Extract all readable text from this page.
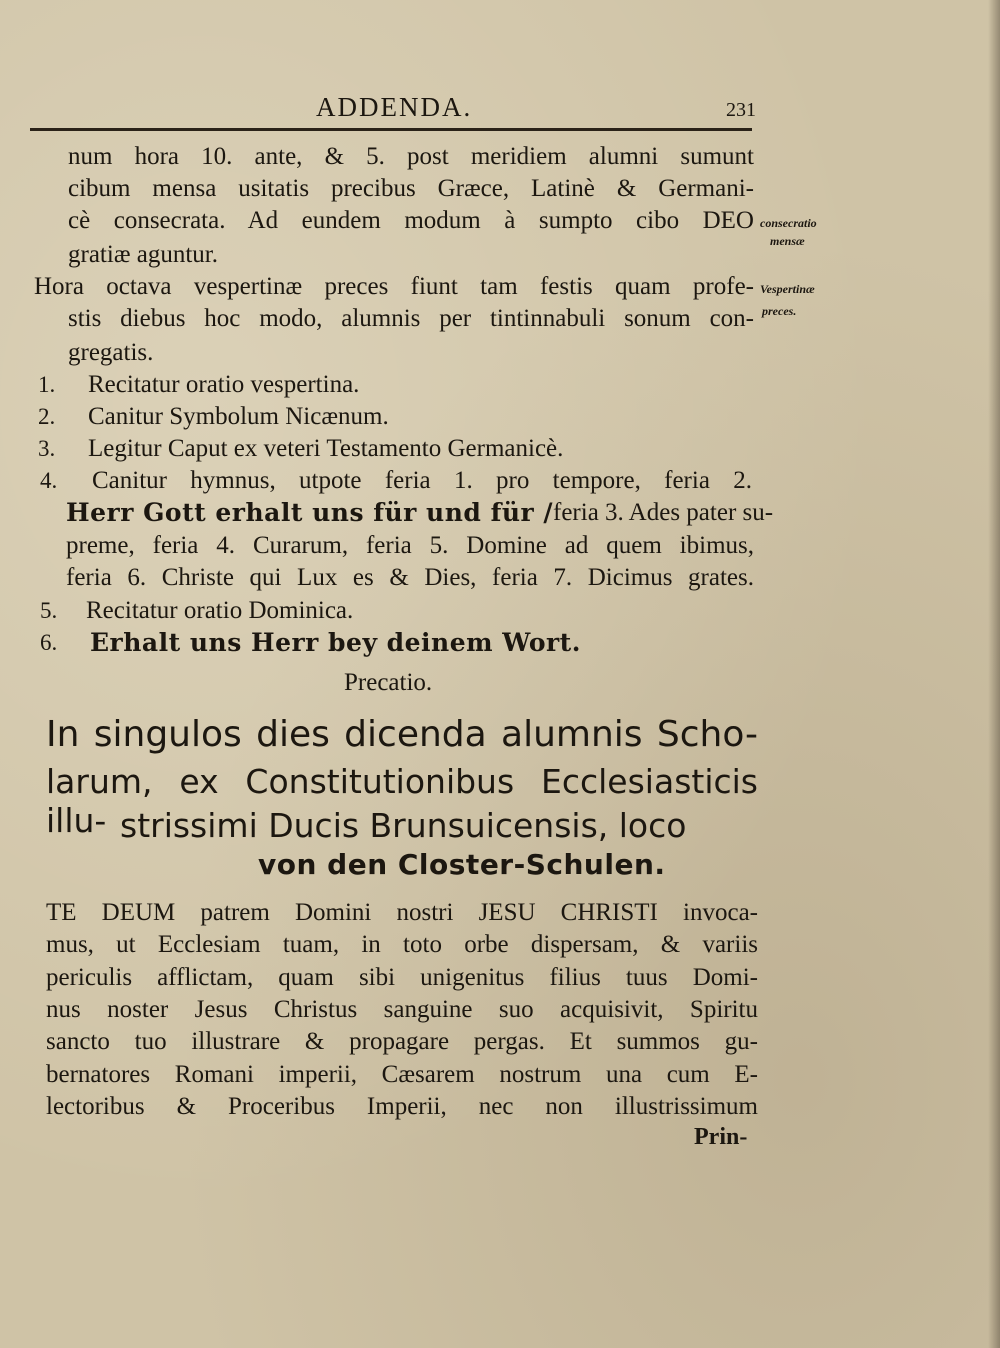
ADDENDA.	231
num hora 10. ante, & 5. post meridiem alumni sumunt
cibum mensa usitatis precibus Græce, Latinè & Germani-
cè consecrata. Ad eundem modum à sumpto cibo DEO
gratiæ aguntur.
consecratio
mensæ
Hora octava vespertinæ preces fiunt tam festis quam profe-
stis diebus hoc modo, alumnis per tintinnabuli sonum con-
gregatis.
Vespertinæ
preces.
1. Recitatur oratio vespertina.
2. Canitur Symbolum Nicænum.
3. Legitur Caput ex veteri Testamento Germanicè.
4. Canitur hymnus, utpote feria 1. pro tempore, feria 2.
Herr Gott erhalt uns für und für / feria 3. Ades pater su-
preme, feria 4. Curarum, feria 5. Domine ad quem ibimus,
feria 6. Christe qui Lux es & Dies, feria 7. Dicimus grates.
5. Recitatur oratio Dominica.
6. Erhalt uns Herr bey deinem Wort.
Precatio.
In singulos dies dicenda alumnis Scho-
larum, ex Constitutionibus Ecclesiasticis illu- strissimi Ducis Brunsuicensis, loco
von den Closter-Schulen.
TE DEUM patrem Domini nostri JESU CHRISTI invoca-
mus, ut Ecclesiam tuam, in toto orbe dispersam, & variis
periculis afflictam, quam sibi unigenitus filius tuus Domi-
nus noster Jesus Christus sanguine suo acquisivit, Spiritu
sancto tuo illustrare & propagare pergas. Et summos gu-
bernatores Romani imperii, Cæsarem nostrum una cum E-
lectoribus & Proceribus Imperii, nec non illustrissimum
Prin-
